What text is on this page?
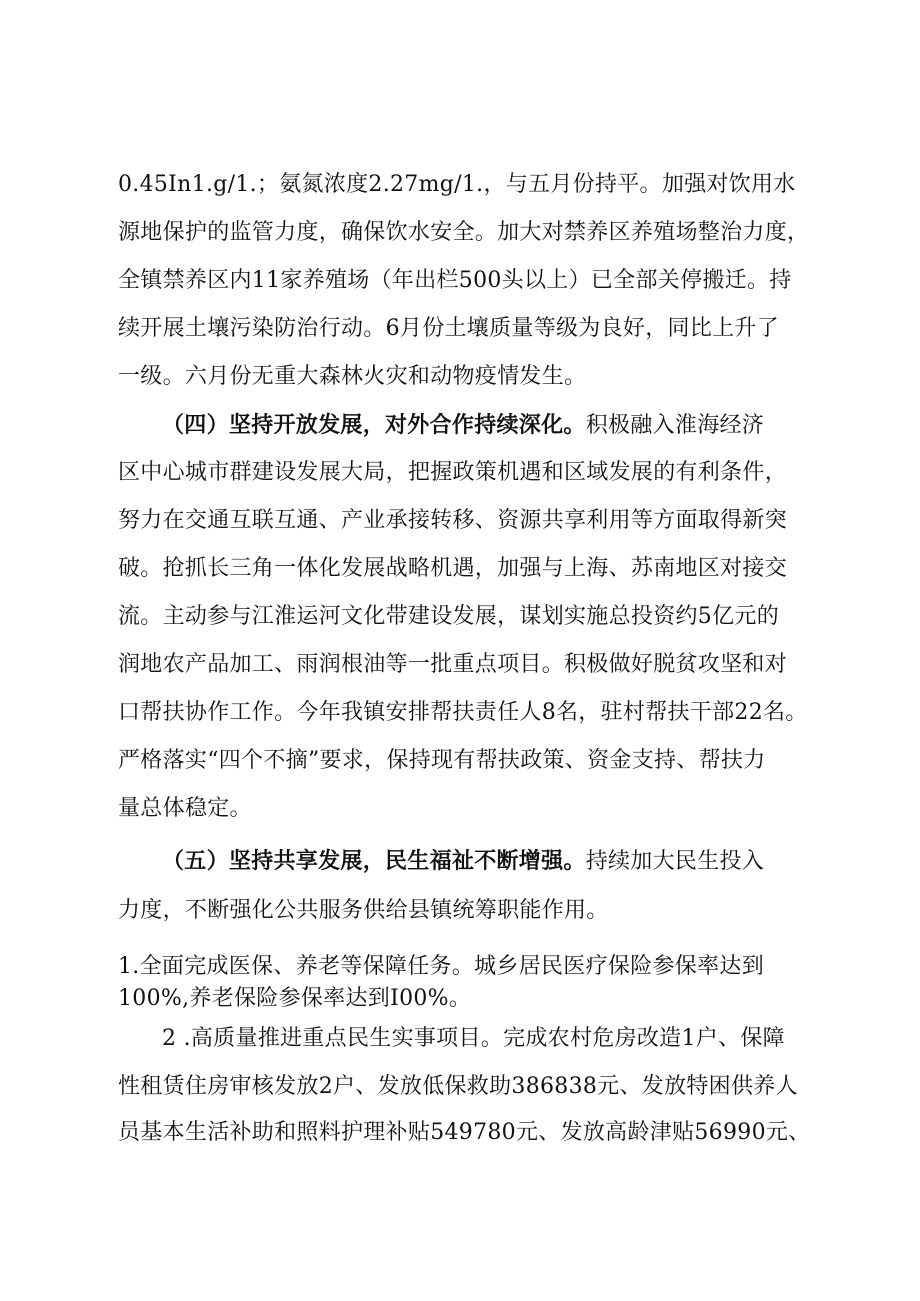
0.45In1.g/1.；氨氮浓度2.27mg/1.，与五月份持平。加强对饮用水
源地保护的监管力度，确保饮水安全。加大对禁养区养殖场整治力度，
全镇禁养区内11家养殖场（年出栏500头以上）已全部关停搬迁。持
续开展土壤污染防治行动。6月份土壤质量等级为良好，同比上升了
一级。六月份无重大森林火灾和动物疫情发生。
（四）坚持开放发展，对外合作持续深化。积极融入淮海经济
区中心城市群建设发展大局，把握政策机遇和区域发展的有利条件，
努力在交通互联互通、产业承接转移、资源共享利用等方面取得新突
破。抢抓长三角一体化发展战略机遇，加强与上海、苏南地区对接交
流。主动参与江淮运河文化带建设发展，谋划实施总投资约5亿元的
润地农产品加工、雨润根油等一批重点项目。积极做好脱贫攻坚和对
口帮扶协作工作。今年我镇安排帮扶责任人8名，驻村帮扶干部22名。
严格落实“四个不摘”要求，保持现有帮扶政策、资金支持、帮扶力
量总体稳定。
（五）坚持共享发展，民生福祉不断增强。持续加大民生投入
力度，不断强化公共服务供给县镇统筹职能作用。
1.全面完成医保、养老等保障任务。城乡居民医疗保险参保率达到
100%,养老保险参保率达到I00%。
2 .高质量推进重点民生实事项目。完成农村危房改造1户、保障
性租赁住房审核发放2户、发放低保救助386838元、发放特困供养人
员基本生活补助和照料护理补贴549780元、发放高龄津贴56990元、
